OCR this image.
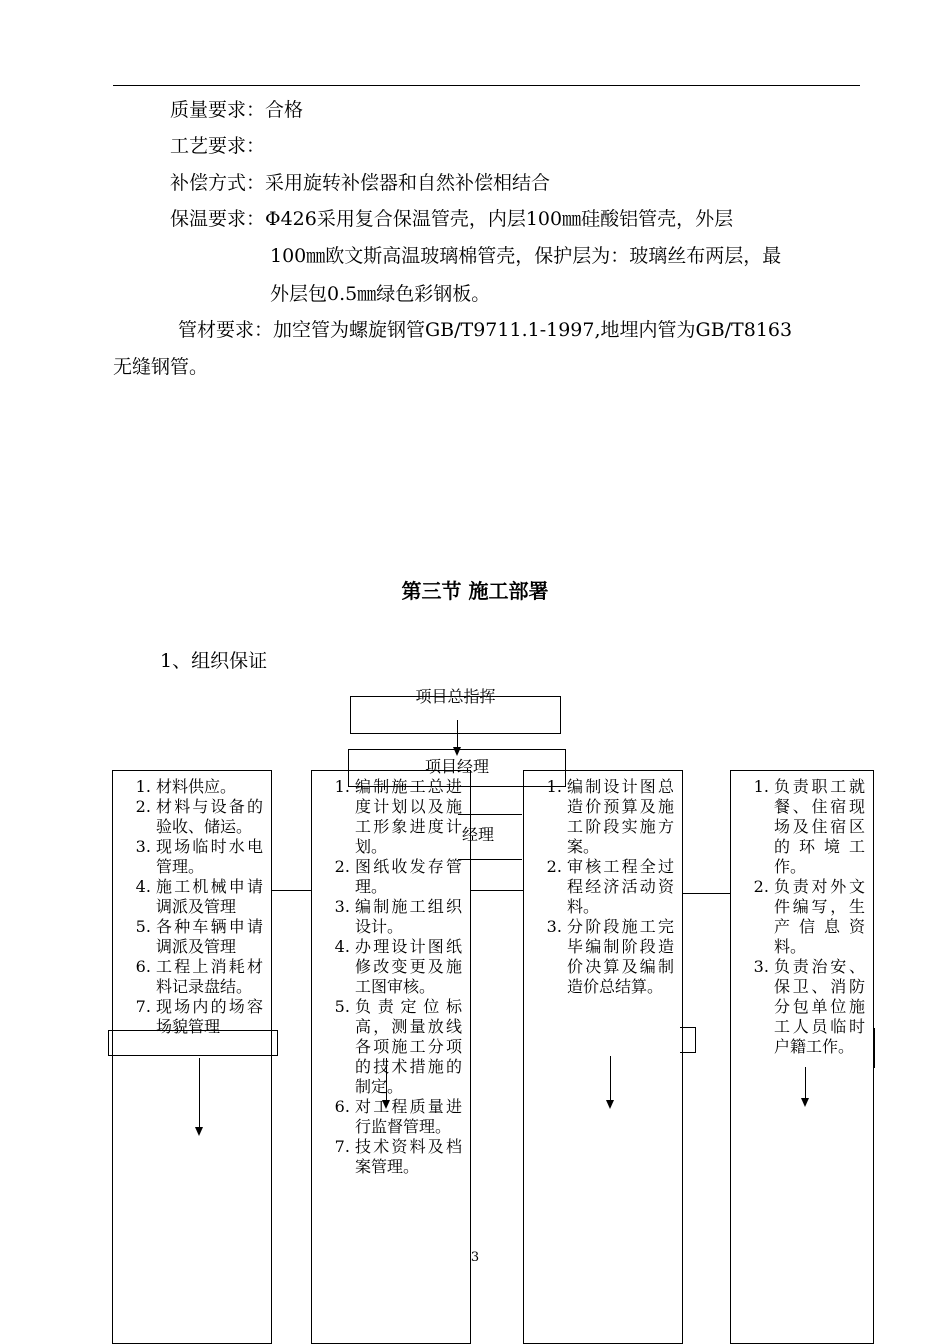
质量要求：合格
工艺要求：
补偿方式：采用旋转补偿器和自然补偿相结合
保温要求：Φ426采用复合保温管壳，内层100㎜硅酸铝管壳，外层
100㎜欧文斯高温玻璃棉管壳，保护层为：玻璃丝布两层，最
外层包0.5㎜绿色彩钢板。
管材要求：加空管为螺旋钢管GB/T9711.1-1997,地埋内管为GB/T8163
无缝钢管。
第三节 施工部署
1、组织保证
项目总指挥
项目经理
经理
1. 材料供应。
2. 材料与设备的验收、储运。
3. 现场临时水电管理。
4. 施工机械申请调派及管理
5. 各种车辆申请调派及管理
6. 工程上消耗材料记录盘结。
7. 现场内的场容场貌管理
1. 编制施工总进度计划以及施工形象进度计划。
2. 图纸收发存管理。
3. 编制施工组织设计。
4. 办理设计图纸修改变更及施工图审核。
5. 负责定位标高，测量放线各项施工分项的技术措施的制定。
6. 对工程质量进行监督管理。
7. 技术资料及档案管理。
1. 编制设计图总造价预算及施工阶段实施方案。
2. 审核工程全过程经济活动资料。
3. 分阶段施工完毕编制阶段造价决算及编制造价总结算。
1. 负责职工就餐、住宿现场及住宿区的环境工作。
2. 负责对外文件编写，生产信息资料。
3. 负责治安、保卫、消防分包单位施工人员临时户籍工作。
3
